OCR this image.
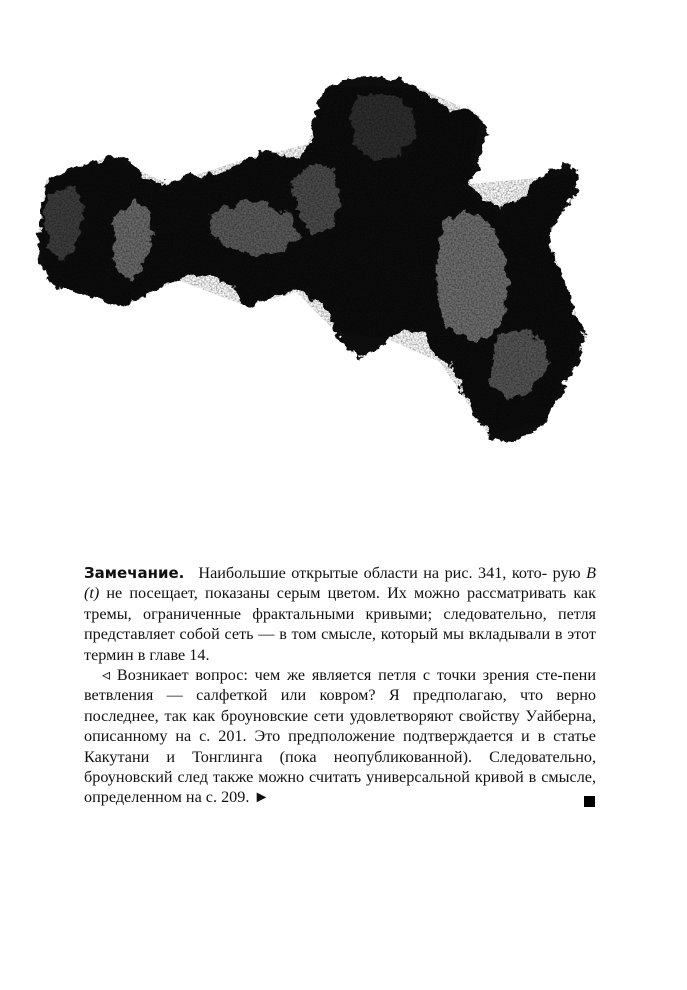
Замечание. Наибольшие открытые области на рис. 341, кото- рую B (t) не посещает, показаны серым цветом. Их можно рассматривать как тремы, ограниченные фрактальными кривыми; следовательно, петля представляет собой сеть — в том смысле, который мы вкладывали в этот термин в главе 14.

◃ Возникает вопрос: чем же является петля с точки зрения сте-пени ветвления — салфеткой или ковром? Я предполагаю, что верно последнее, так как броуновские сети удовлетворяют свойству Уайберна, описанному на с. 201. Это предположение подтверждается и в статье Какутани и Тонглинга (пока неопубликованной). Следовательно, броуновский след также можно считать универсальной кривой в смысле, определенном на с. 209. ►
